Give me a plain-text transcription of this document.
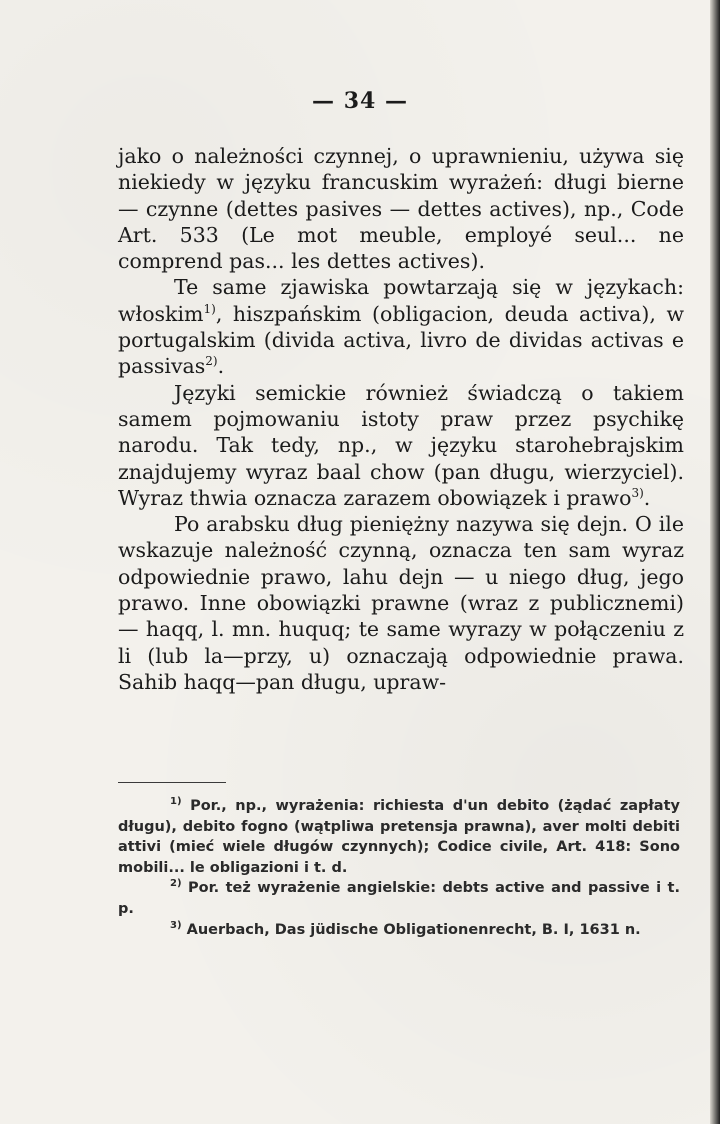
— 34 —

jako o należności czynnej, o uprawnieniu, używa się niekiedy w języku francuskim wyrażeń: długi bierne — czynne (dettes pasives — dettes actives), np., Code Art. 533 (Le mot meuble, employé seul... ne comprend pas... les dettes actives).

Te same zjawiska powtarzają się w językach: włoskim$^{1)}$, hiszpańskim (obligacion, deuda activa), w portugalskim (divida activa, livro de dividas activas e passivas$^{2)}$.

Języki semickie również świadczą o takiem samem pojmowaniu istoty praw przez psychikę narodu. Tak tedy, np., w języku starohebrajskim znajdujemy wyraz baal chow (pan długu, wierzyciel). Wyraz thwia oznacza zarazem obowiązek i prawo$^{3)}$.

Po arabsku dług pieniężny nazywa się dejn. O ile wskazuje należność czynną, oznacza ten sam wyraz odpowiednie prawo, lahu dejn — u niego dług, jego prawo. Inne obowiązki prawne (wraz z publicznemi) — haqq, l. mn. huquq; te same wyrazy w połączeniu z li (lub la—przy, u) oznaczają odpowiednie prawa. Sahib haqq—pan długu, upraw-

$^{1)}$ Por., np., wyrażenia: richiesta d'un debito (żądać zapłaty długu), debito fogno (wątpliwa pretensja prawna), aver molti debiti attivi (mieć wiele długów czynnych); Codice civile, Art. 418: Sono mobili... le obligazioni i t. d.

$^{2)}$ Por. też wyrażenie angielskie: debts active and passive i t. p.

$^{3)}$ Auerbach, Das jüdische Obligationenrecht, B. I, 1631 n.
